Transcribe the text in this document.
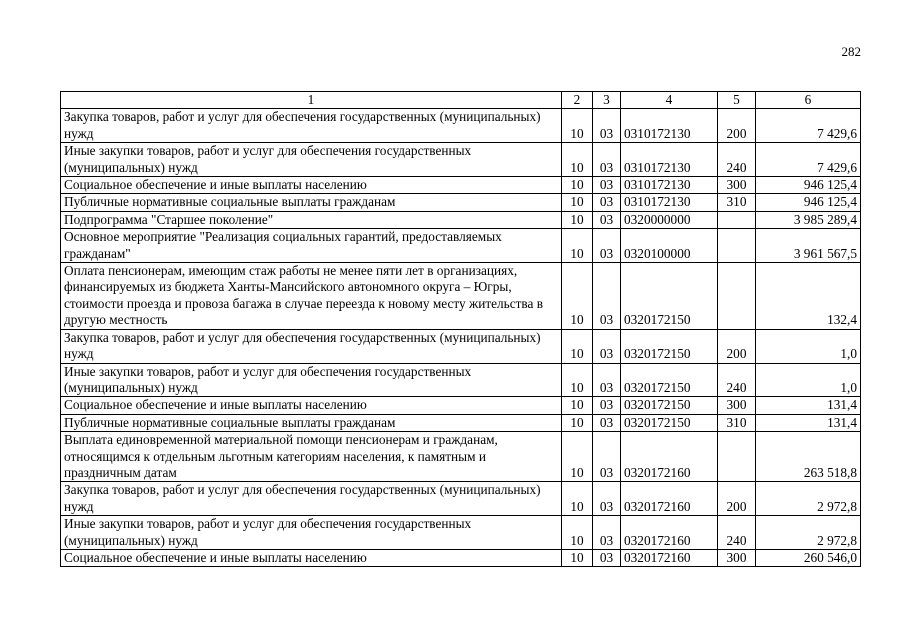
282
1	2	3	4	5	6
Закупка товаров, работ и услуг для обеспечения государственных (муниципальных) нужд	10	03	0310172130	200	7 429,6
Иные закупки товаров, работ и услуг для обеспечения государственных (муниципальных) нужд	10	03	0310172130	240	7 429,6
Социальное обеспечение и иные выплаты населению	10	03	0310172130	300	946 125,4
Публичные нормативные социальные выплаты гражданам	10	03	0310172130	310	946 125,4
Подпрограмма "Старшее поколение"	10	03	0320000000		3 985 289,4
Основное мероприятие "Реализация социальных гарантий, предоставляемых гражданам"	10	03	0320100000		3 961 567,5
Оплата пенсионерам, имеющим стаж работы не менее пяти лет в организациях, финансируемых из бюджета Ханты-Мансийского автономного округа – Югры, стоимости проезда и провоза багажа в случае переезда к новому месту жительства в другую местность	10	03	0320172150		132,4
Закупка товаров, работ и услуг для обеспечения государственных (муниципальных) нужд	10	03	0320172150	200	1,0
Иные закупки товаров, работ и услуг для обеспечения государственных (муниципальных) нужд	10	03	0320172150	240	1,0
Социальное обеспечение и иные выплаты населению	10	03	0320172150	300	131,4
Публичные нормативные социальные выплаты гражданам	10	03	0320172150	310	131,4
Выплата единовременной материальной помощи пенсионерам и гражданам, относящимся к отдельным льготным категориям населения, к памятным и праздничным датам	10	03	0320172160		263 518,8
Закупка товаров, работ и услуг для обеспечения государственных (муниципальных) нужд	10	03	0320172160	200	2 972,8
Иные закупки товаров, работ и услуг для обеспечения государственных (муниципальных) нужд	10	03	0320172160	240	2 972,8
Социальное обеспечение и иные выплаты населению	10	03	0320172160	300	260 546,0
